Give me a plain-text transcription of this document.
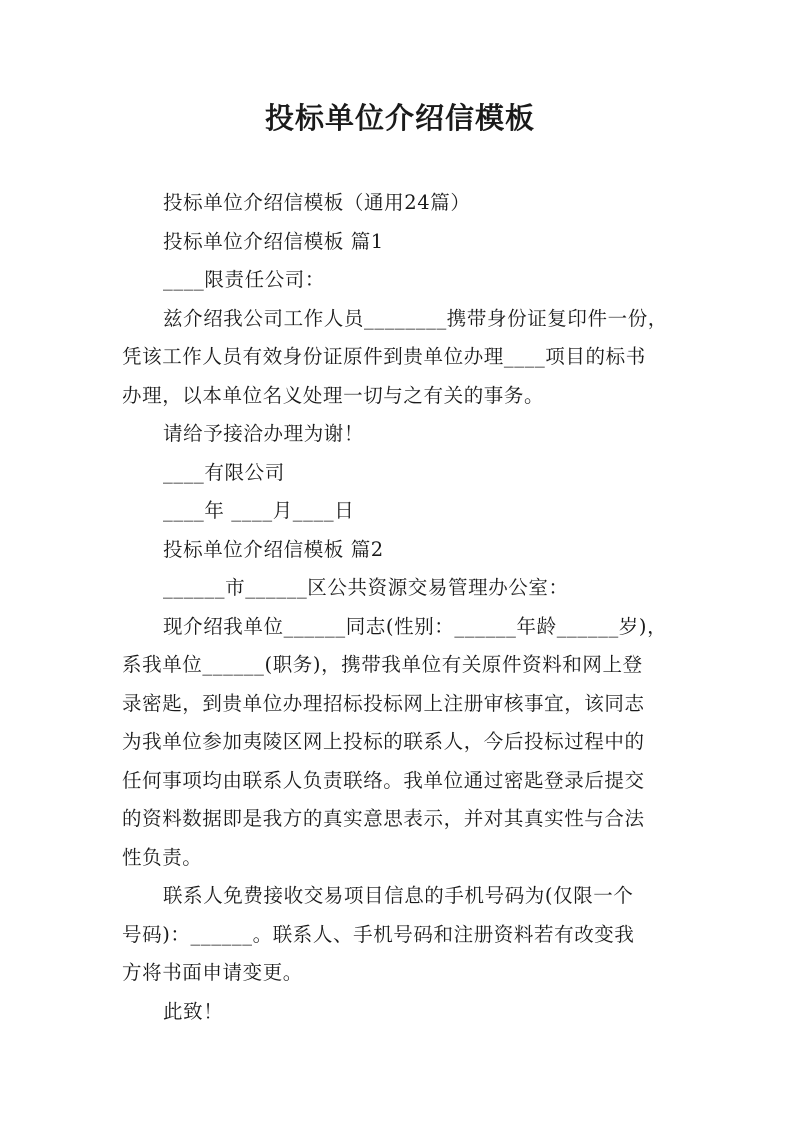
投标单位介绍信模板
投标单位介绍信模板（通用24篇）
投标单位介绍信模板 篇1
____限责任公司：
兹介绍我公司工作人员________携带身份证复印件一份，
凭该工作人员有效身份证原件到贵单位办理____项目的标书
办理，以本单位名义处理一切与之有关的事务。
请给予接洽办理为谢！
____有限公司
____年 ____月____日
投标单位介绍信模板 篇2
______市______区公共资源交易管理办公室：
现介绍我单位______同志(性别：______年龄______岁)，
系我单位______(职务)，携带我单位有关原件资料和网上登
录密匙，到贵单位办理招标投标网上注册审核事宜，该同志
为我单位参加夷陵区网上投标的联系人，今后投标过程中的
任何事项均由联系人负责联络。我单位通过密匙登录后提交
的资料数据即是我方的真实意思表示，并对其真实性与合法
性负责。
联系人免费接收交易项目信息的手机号码为(仅限一个
号码)：______。联系人、手机号码和注册资料若有改变我
方将书面申请变更。
此致！
